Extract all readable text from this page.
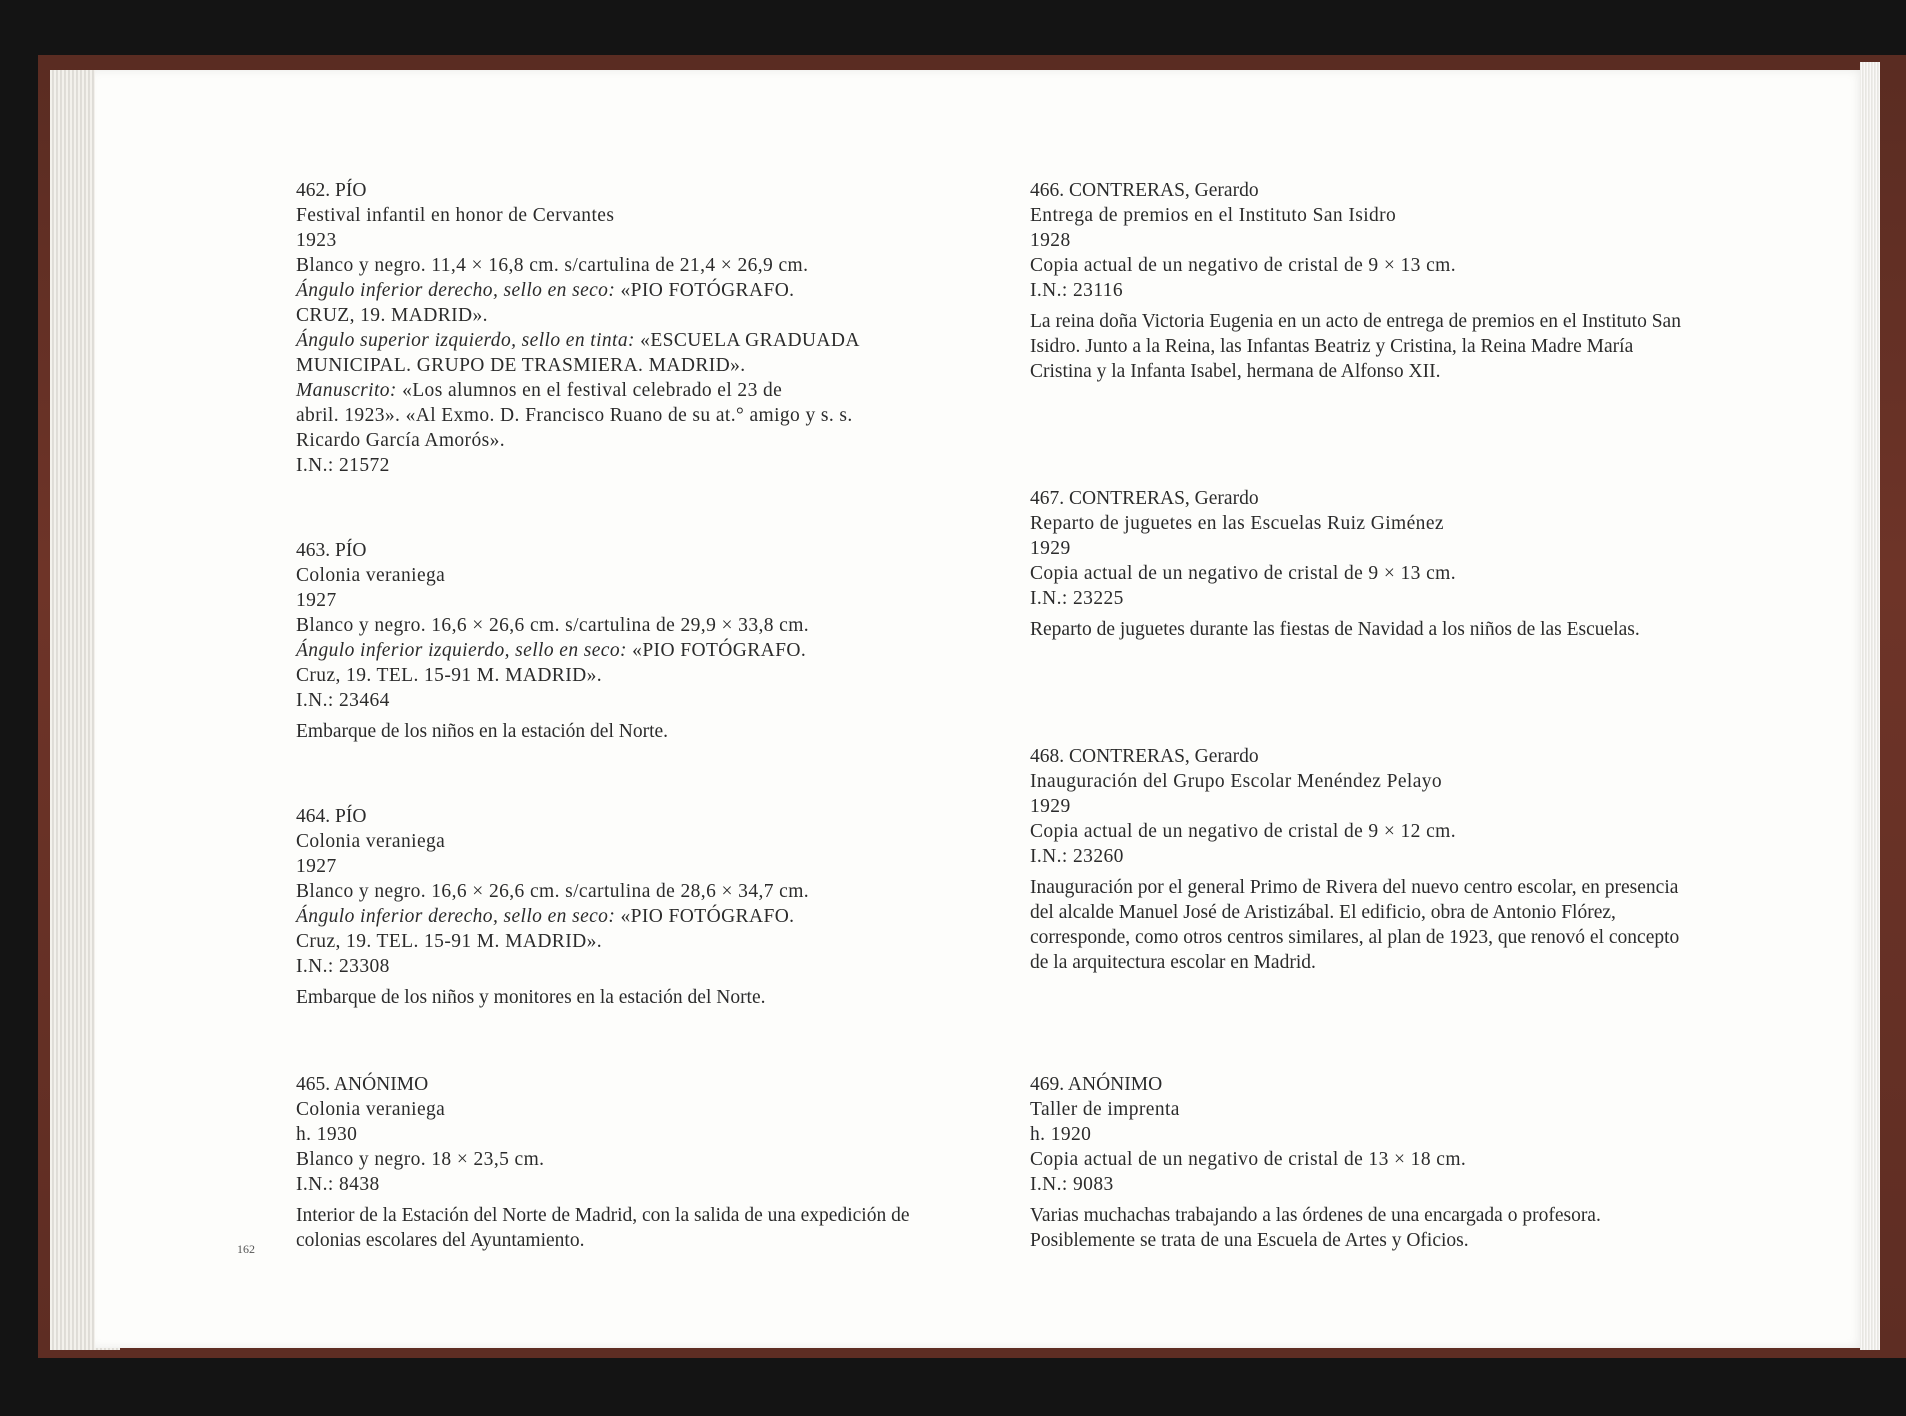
462. PÍO
Festival infantil en honor de Cervantes
1923
Blanco y negro. 11,4 × 16,8 cm. s/cartulina de 21,4 × 26,9 cm.
Ángulo inferior derecho, sello en seco: «PIO FOTÓGRAFO.
CRUZ, 19. MADRID».
Ángulo superior izquierdo, sello en tinta: «ESCUELA GRADUADA
MUNICIPAL. GRUPO DE TRASMIERA. MADRID».
Manuscrito: «Los alumnos en el festival celebrado el 23 de
abril. 1923». «Al Exmo. D. Francisco Ruano de su at.° amigo y s. s.
Ricardo García Amorós».
I.N.: 21572
463. PÍO
Colonia veraniega
1927
Blanco y negro. 16,6 × 26,6 cm. s/cartulina de 29,9 × 33,8 cm.
Ángulo inferior izquierdo, sello en seco: «PIO FOTÓGRAFO.
Cruz, 19. TEL. 15-91 M. MADRID».
I.N.: 23464
Embarque de los niños en la estación del Norte.
464. PÍO
Colonia veraniega
1927
Blanco y negro. 16,6 × 26,6 cm. s/cartulina de 28,6 × 34,7 cm.
Ángulo inferior derecho, sello en seco: «PIO FOTÓGRAFO.
Cruz, 19. TEL. 15-91 M. MADRID».
I.N.: 23308
Embarque de los niños y monitores en la estación del Norte.
465. ANÓNIMO
Colonia veraniega
h. 1930
Blanco y negro. 18 × 23,5 cm.
I.N.: 8438
Interior de la Estación del Norte de Madrid, con la salida de una expedición de colonias escolares del Ayuntamiento.
466. CONTRERAS, Gerardo
Entrega de premios en el Instituto San Isidro
1928
Copia actual de un negativo de cristal de 9 × 13 cm.
I.N.: 23116
La reina doña Victoria Eugenia en un acto de entrega de premios en el Instituto San Isidro. Junto a la Reina, las Infantas Beatriz y Cristina, la Reina Madre María Cristina y la Infanta Isabel, hermana de Alfonso XII.
467. CONTRERAS, Gerardo
Reparto de juguetes en las Escuelas Ruiz Giménez
1929
Copia actual de un negativo de cristal de 9 × 13 cm.
I.N.: 23225
Reparto de juguetes durante las fiestas de Navidad a los niños de las Escuelas.
468. CONTRERAS, Gerardo
Inauguración del Grupo Escolar Menéndez Pelayo
1929
Copia actual de un negativo de cristal de 9 × 12 cm.
I.N.: 23260
Inauguración por el general Primo de Rivera del nuevo centro escolar, en presencia del alcalde Manuel José de Aristizábal. El edificio, obra de Antonio Flórez, corresponde, como otros centros similares, al plan de 1923, que renovó el concepto de la arquitectura escolar en Madrid.
469. ANÓNIMO
Taller de imprenta
h. 1920
Copia actual de un negativo de cristal de 13 × 18 cm.
I.N.: 9083
Varias muchachas trabajando a las órdenes de una encargada o profesora. Posiblemente se trata de una Escuela de Artes y Oficios.
162
